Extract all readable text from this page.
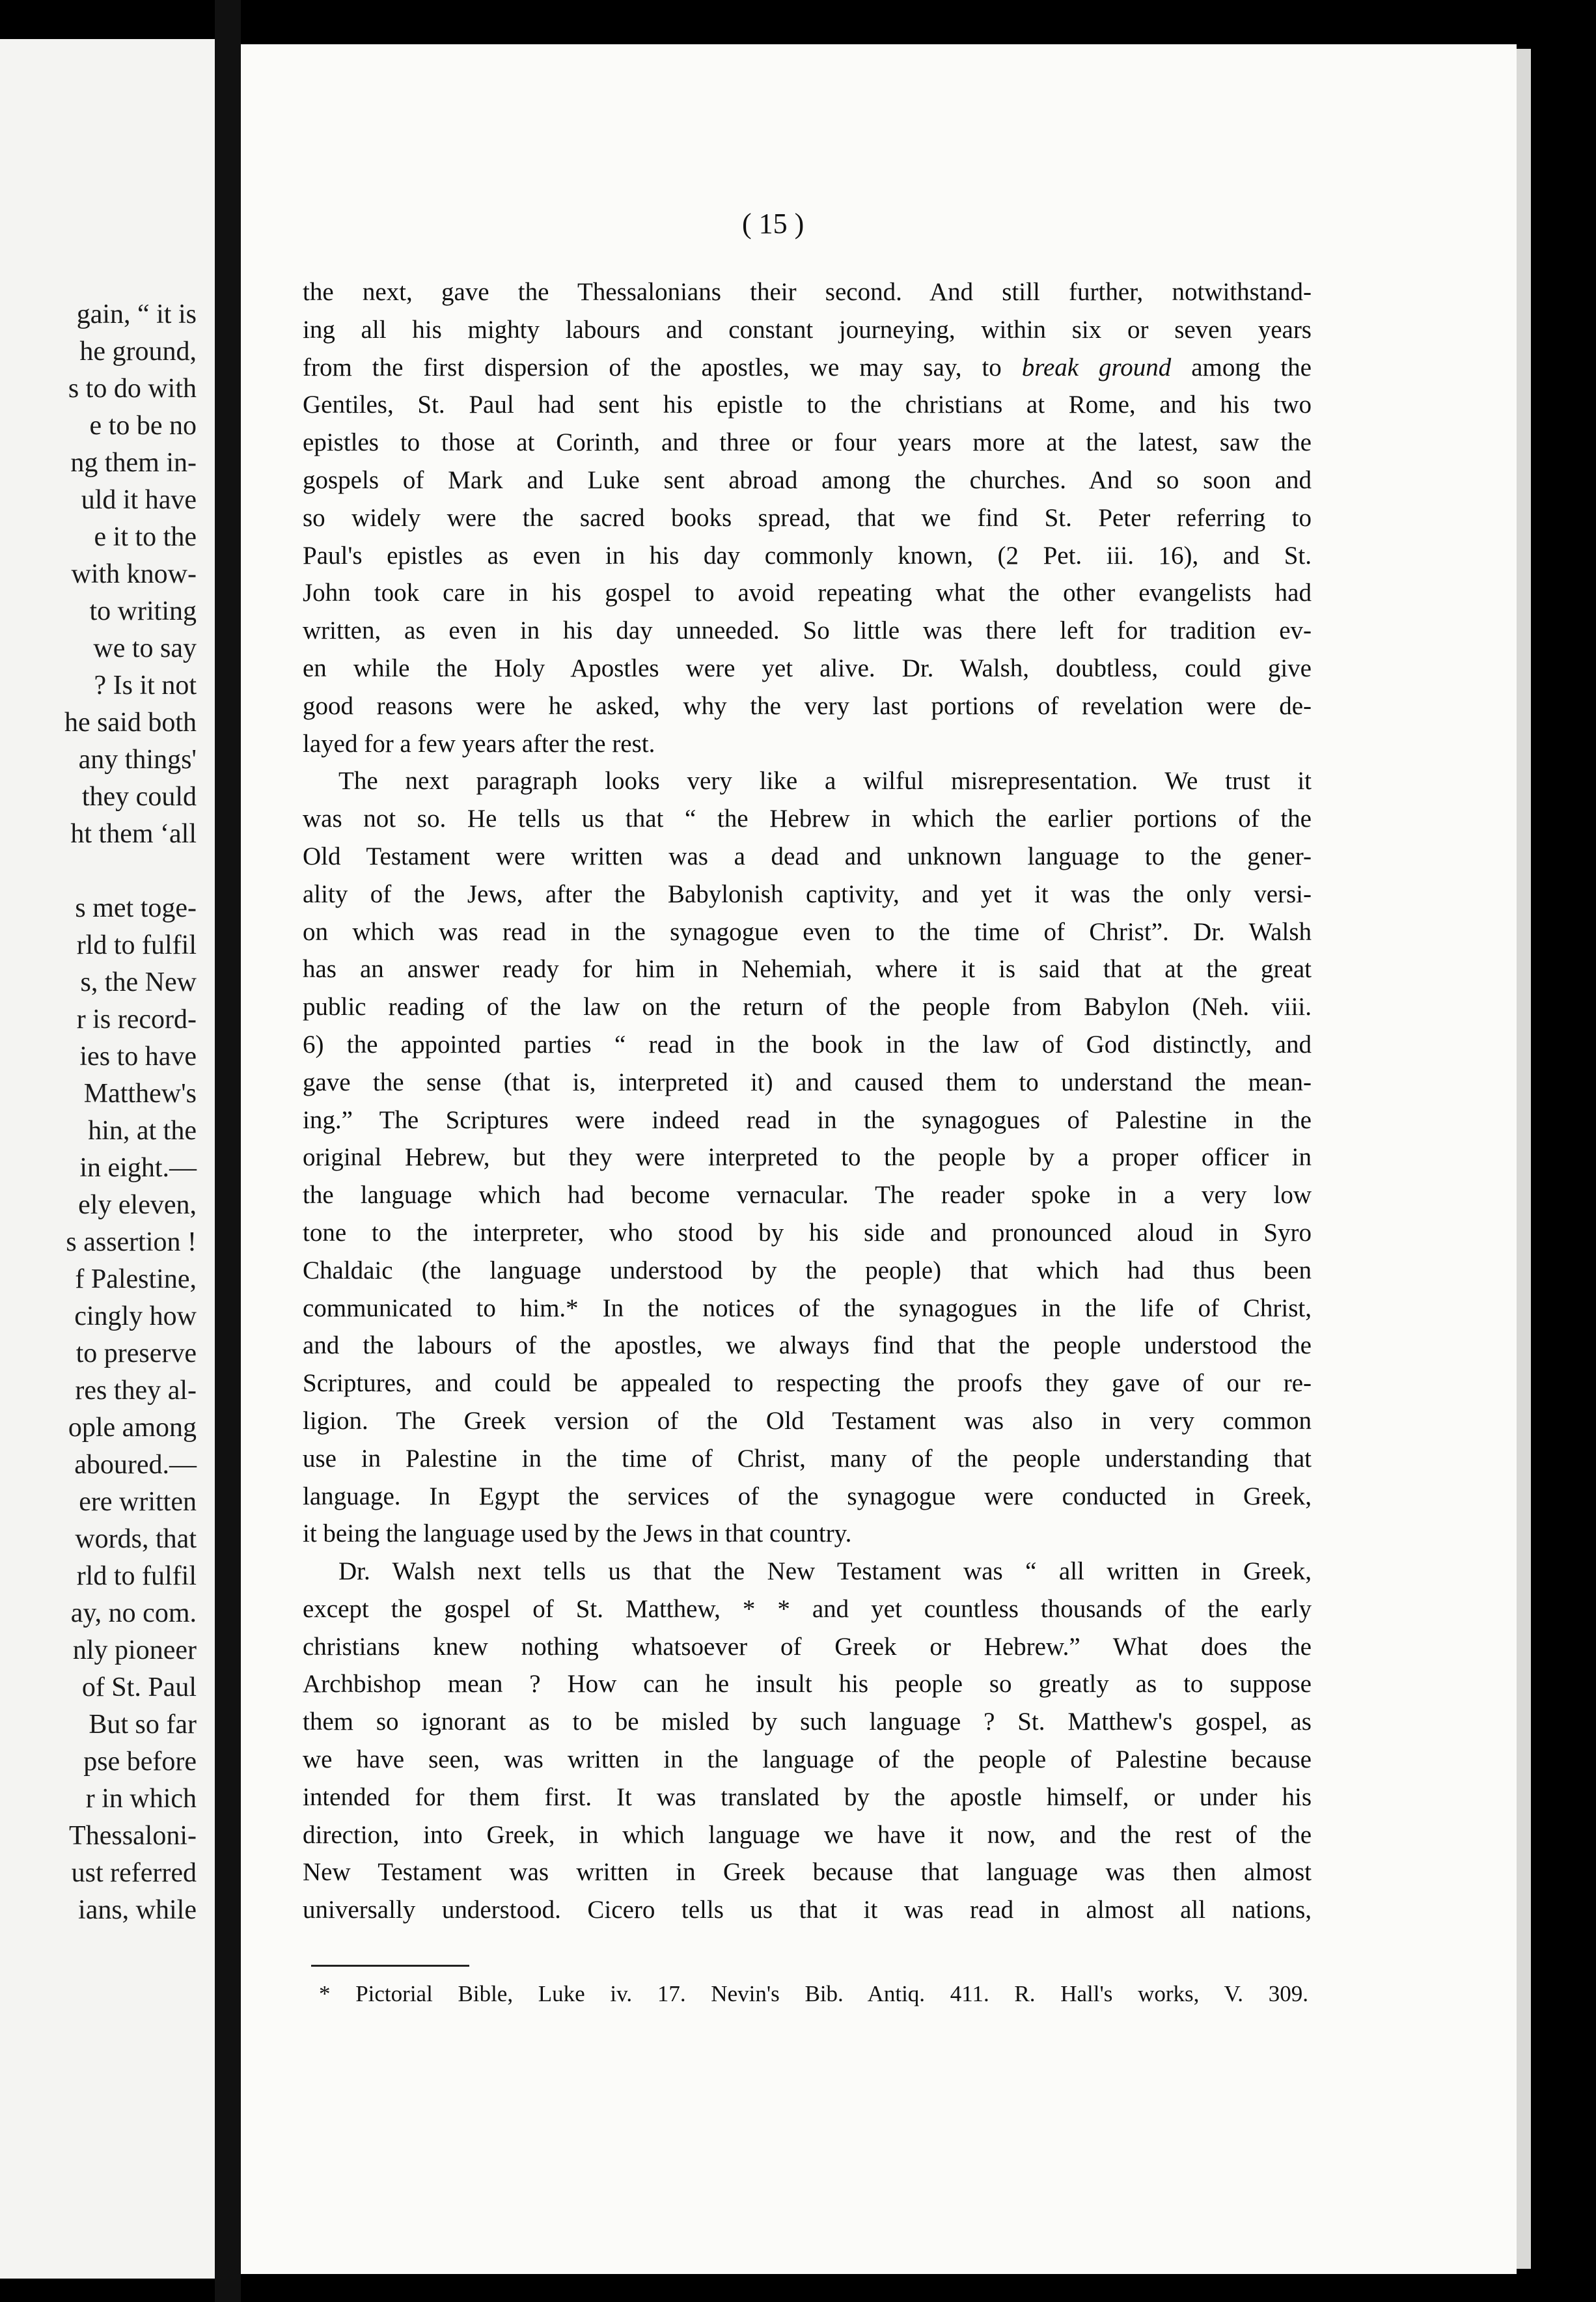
gain, “ it is
he ground,
s to do with
e to be no
ng them in-
uld it have
e it to the
with know-
to writing
we to say
? Is it not
he said both
any things'
they could
ht them ‘all

s met toge-
rld to fulfil
s, the New
r is record-
ies to have
Matthew's
hin, at the
in eight.—
ely eleven,
s assertion !
f Palestine,
cingly how
to preserve
res they al-
ople among
aboured.—
ere written
words, that
rld to fulfil
ay, no com.
nly pioneer
of St. Paul
But so far
pse before
r in which
Thessaloni-
ust referred
ians, while
( 15 )
the next, gave the Thessalonians their second. And still further, notwithstand-
ing all his mighty labours and constant journeying, within six or seven years
from the first dispersion of the apostles, we may say, to break ground among the
Gentiles, St. Paul had sent his epistle to the christians at Rome, and his two
epistles to those at Corinth, and three or four years more at the latest, saw the
gospels of Mark and Luke sent abroad among the churches. And so soon and
so widely were the sacred books spread, that we find St. Peter referring to
Paul's epistles as even in his day commonly known, (2 Pet. iii. 16), and St.
John took care in his gospel to avoid repeating what the other evangelists had
written, as even in his day unneeded. So little was there left for tradition ev-
en while the Holy Apostles were yet alive. Dr. Walsh, doubtless, could give
good reasons were he asked, why the very last portions of revelation were de-
layed for a few years after the rest.
The next paragraph looks very like a wilful misrepresentation. We trust it
was not so. He tells us that “ the Hebrew in which the earlier portions of the
Old Testament were written was a dead and unknown language to the gener-
ality of the Jews, after the Babylonish captivity, and yet it was the only versi-
on which was read in the synagogue even to the time of Christ”. Dr. Walsh
has an answer ready for him in Nehemiah, where it is said that at the great
public reading of the law on the return of the people from Babylon (Neh. viii.
6) the appointed parties “ read in the book in the law of God distinctly, and
gave the sense (that is, interpreted it) and caused them to understand the mean-
ing.” The Scriptures were indeed read in the synagogues of Palestine in the
original Hebrew, but they were interpreted to the people by a proper officer in
the language which had become vernacular. The reader spoke in a very low
tone to the interpreter, who stood by his side and pronounced aloud in Syro
Chaldaic (the language understood by the people) that which had thus been
communicated to him.* In the notices of the synagogues in the life of Christ,
and the labours of the apostles, we always find that the people understood the
Scriptures, and could be appealed to respecting the proofs they gave of our re-
ligion. The Greek version of the Old Testament was also in very common
use in Palestine in the time of Christ, many of the people understanding that
language. In Egypt the services of the synagogue were conducted in Greek,
it being the language used by the Jews in that country.
Dr. Walsh next tells us that the New Testament was “ all written in Greek,
except the gospel of St. Matthew, * * and yet countless thousands of the early
christians knew nothing whatsoever of Greek or Hebrew.” What does the
Archbishop mean ? How can he insult his people so greatly as to suppose
them so ignorant as to be misled by such language ? St. Matthew's gospel, as
we have seen, was written in the language of the people of Palestine because
intended for them first. It was translated by the apostle himself, or under his
direction, into Greek, in which language we have it now, and the rest of the
New Testament was written in Greek because that language was then almost
universally understood. Cicero tells us that it was read in almost all nations,
* Pictorial Bible, Luke iv. 17. Nevin's Bib. Antiq. 411. R. Hall's works, V. 309.
